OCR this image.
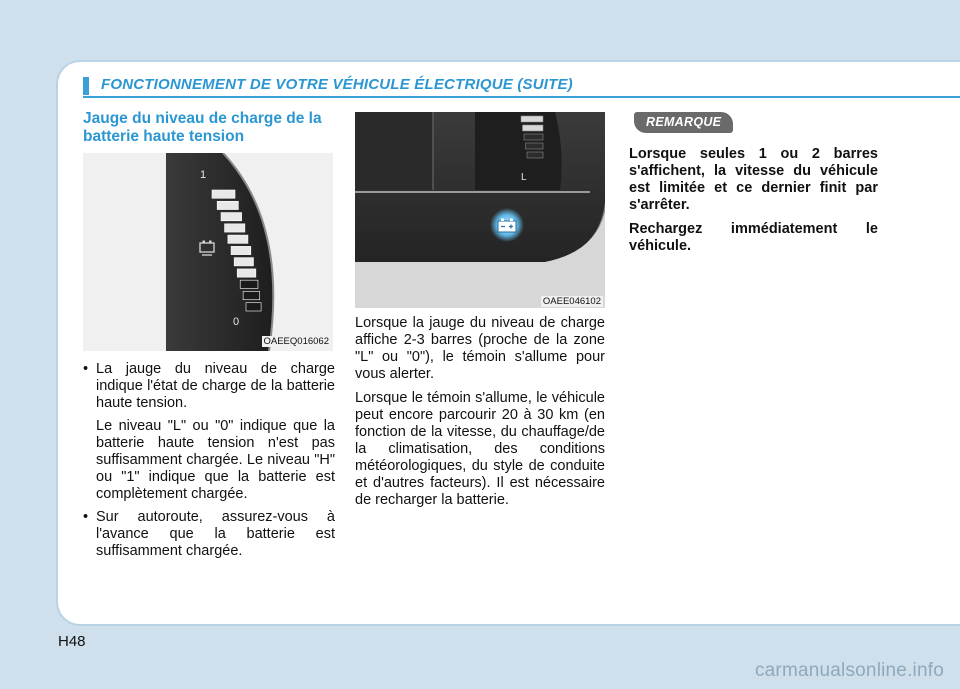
FONCTIONNEMENT DE VOTRE VÉHICULE ÉLECTRIQUE (SUITE)
Jauge du niveau de charge de la batterie haute tension
1
0
OAEEQ016062
• La jauge du niveau de charge indique l'état de charge de la batterie haute tension.

Le niveau "L" ou "0" indique que la batterie haute tension n'est pas suffisamment chargée. Le niveau "H" ou "1" indique que la batterie est complètement chargée.

• Sur autoroute, assurez-vous à l'avance que la batterie est suffisamment chargée.
L
OAEE046102

Lorsque la jauge du niveau de charge affiche 2-3 barres (proche de la zone "L" ou "0"), le témoin s'allume pour vous alerter.

Lorsque le témoin s'allume, le véhicule peut encore parcourir 20 à 30 km (en fonction de la vitesse, du chauffage/de la climatisation, des conditions météorologiques, du style de conduite et d'autres facteurs). Il est nécessaire de recharger la batterie.

REMARQUE

Lorsque seules 1 ou 2 barres s'affichent, la vitesse du véhicule est limitée et ce dernier finit par s'arrêter.

Rechargez immédiatement le véhicule.

H48
carmanualsonline.info
